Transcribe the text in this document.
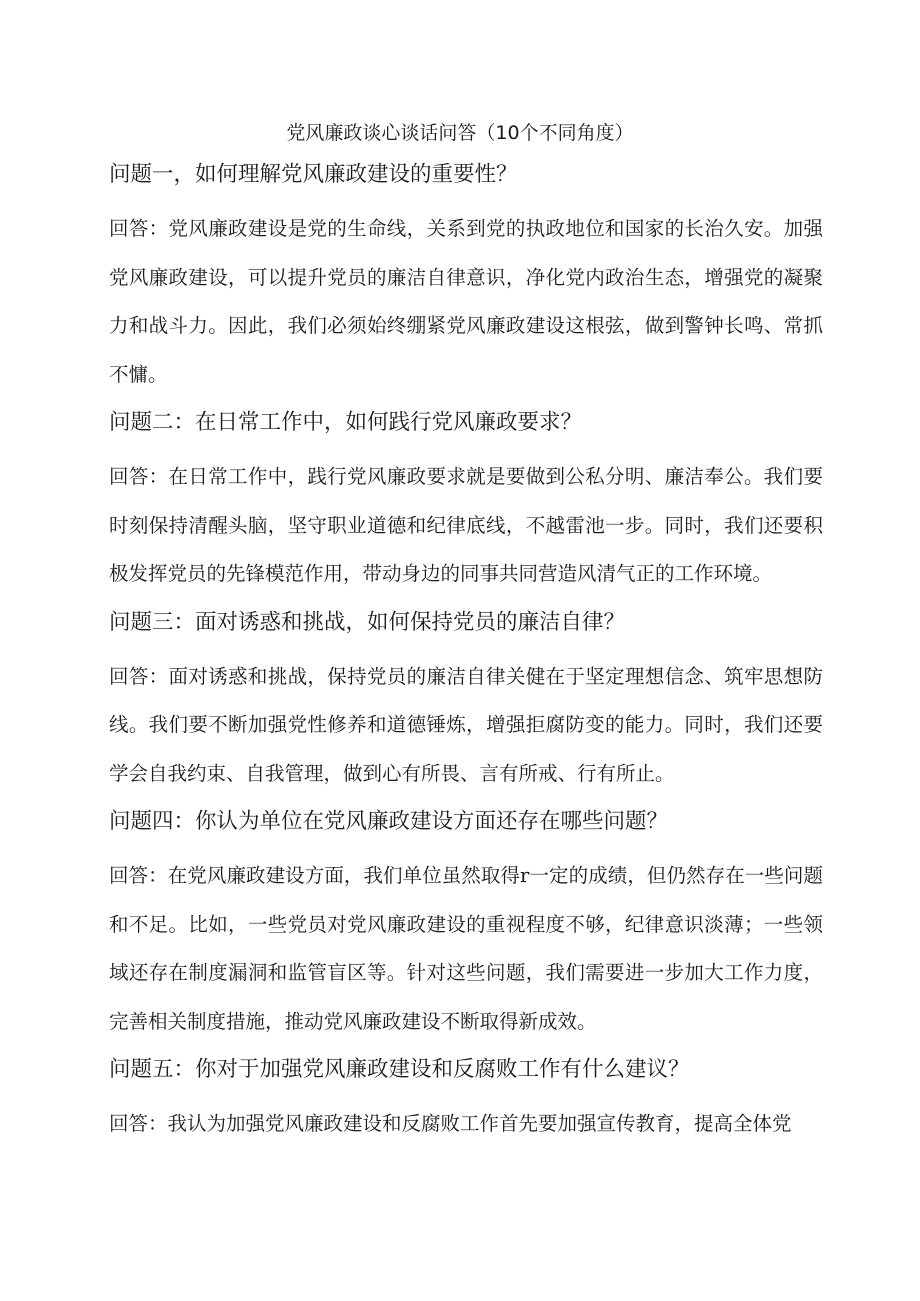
党风廉政谈心谈话问答（10个不同角度）
问题一，如何理解党风廉政建设的重要性？

回答：党风廉政建设是党的生命线，关系到党的执政地位和国家的长治久安。加强党风廉政建设，可以提升党员的廉洁自律意识，净化党内政治生态，增强党的凝聚力和战斗力。因此，我们必须始终绷紧党风廉政建设这根弦，做到警钟长鸣、常抓不慵。

问题二：在日常工作中，如何践行党风廉政要求？

回答：在日常工作中，践行党风廉政要求就是要做到公私分明、廉洁奉公。我们要时刻保持清醒头脑，坚守职业道德和纪律底线，不越雷池一步。同时，我们还要积极发挥党员的先锋模范作用，带动身边的同事共同营造风清气正的工作环境。

问题三：面对诱惑和挑战，如何保持党员的廉洁自律？

回答：面对诱惑和挑战，保持党员的廉洁自律关健在于坚定理想信念、筑牢思想防线。我们要不断加强党性修养和道德锤炼，增强拒腐防变的能力。同时，我们还要学会自我约束、自我管理，做到心有所畏、言有所戒、行有所止。

问题四：你认为单位在党风廉政建设方面还存在哪些问题？

回答：在党风廉政建设方面，我们单位虽然取得r一定的成绩，但仍然存在一些问题和不足。比如，一些党员对党风廉政建设的重视程度不够，纪律意识淡薄；一些领域还存在制度漏洞和监管盲区等。针对这些问题，我们需要进一步加大工作力度，完善相关制度措施，推动党风廉政建设不断取得新成效。

问题五：你对于加强党风廉政建设和反腐败工作有什么建议？

回答：我认为加强党风廉政建设和反腐败工作首先要加强宣传教育，提高全体党
